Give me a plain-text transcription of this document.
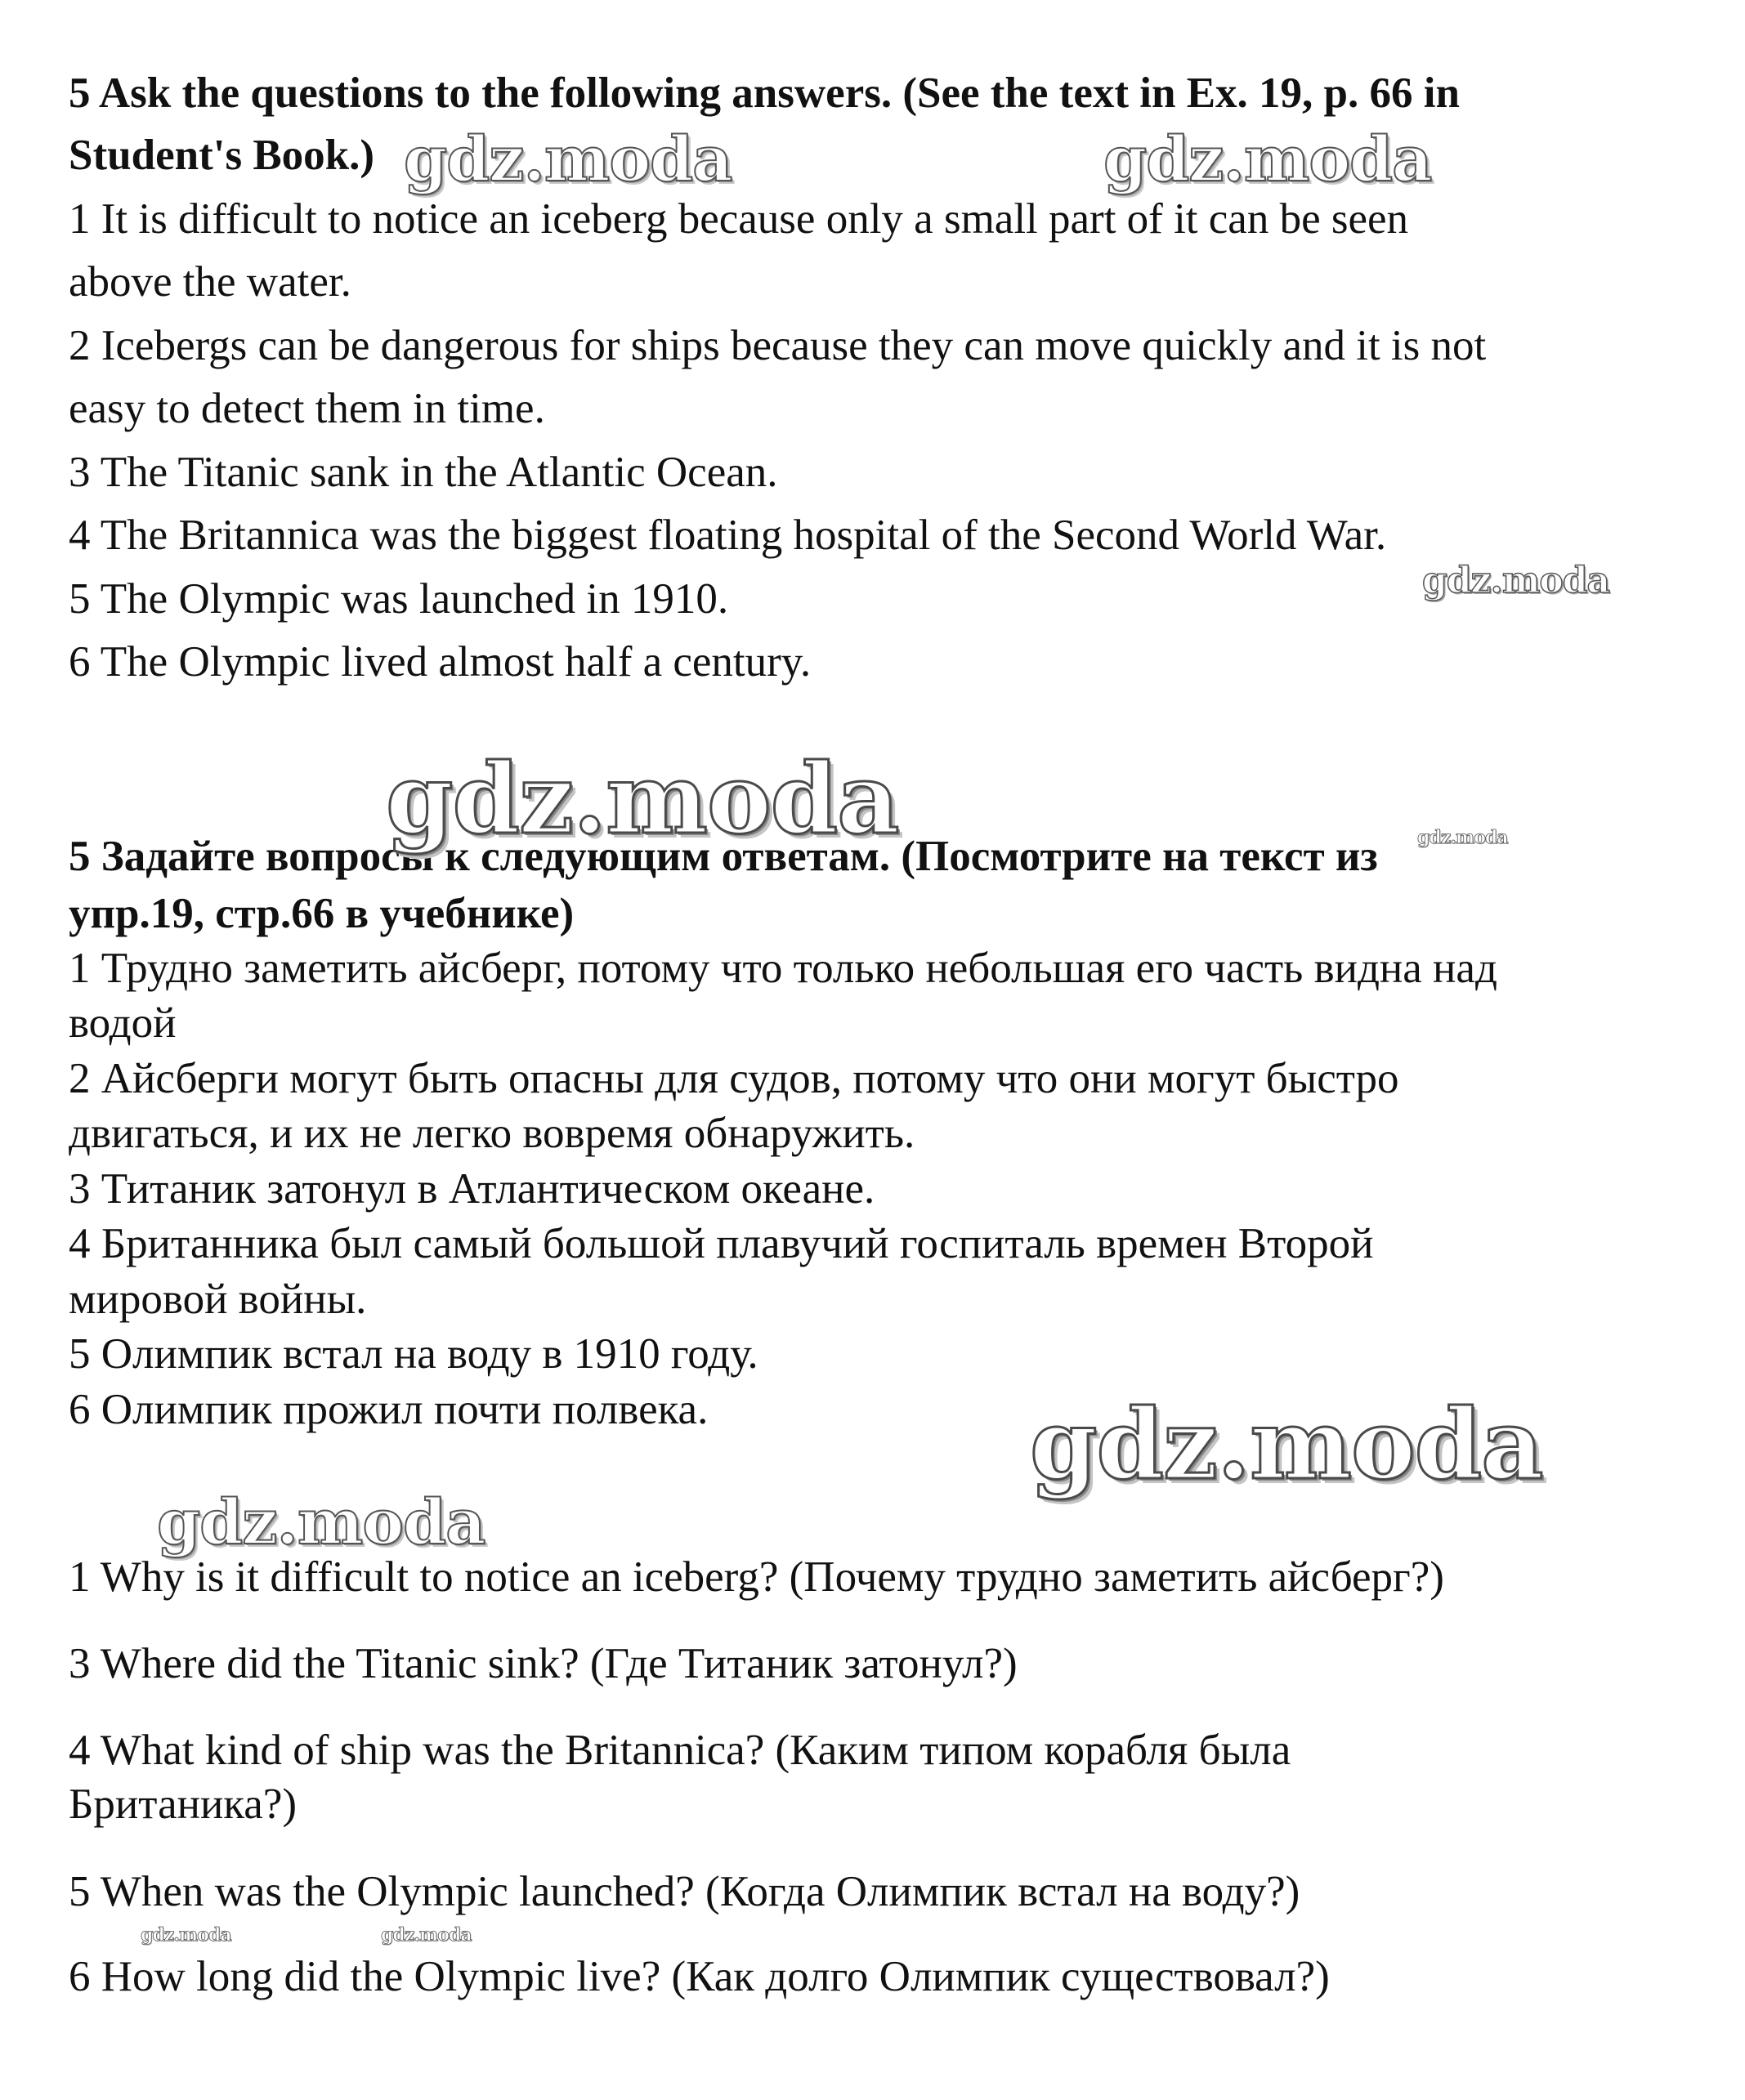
5 Ask the questions to the following answers. (See the text in Ex. 19, p. 66 in
Student's Book.)
1 It is difficult to notice an iceberg because only a small part of it can be seen
above the water.
2 Icebergs can be dangerous for ships because they can move quickly and it is not
easy to detect them in time.
3 The Titanic sank in the Atlantic Ocean.
4 The Britannica was the biggest floating hospital of the Second World War.
5 The Olympic was launched in 1910.
6 The Olympic lived almost half a century.
5 Задайте вопросы к следующим ответам. (Посмотрите на текст из
упр.19, стр.66 в учебнике)
1 Трудно заметить айсберг, потому что только небольшая его часть видна над
водой
2 Айсберги могут быть опасны для судов, потому что они могут быстро
двигаться, и их не легко вовремя обнаружить.
3 Титаник затонул в Атлантическом океане.
4 Британника был самый большой плавучий госпиталь времен Второй
мировой войны.
5 Олимпик встал на воду в 1910 году.
6 Олимпик прожил почти полвека.
1 Why is it difficult to notice an iceberg? (Почему трудно заметить айсберг?)
3 Where did the Titanic sink? (Где Титаник затонул?)
4 What kind of ship was the Britannica? (Каким типом корабля была
Британика?)
5 When was the Olympic launched? (Когда Олимпик встал на воду?)
6 How long did the Olympic live? (Как долго Олимпик существовал?)
gdz.moda	gdz.moda
gdz.moda
gdz.moda	gdz.moda
gdz.moda
gdz.moda
gdz.moda	gdz.moda
